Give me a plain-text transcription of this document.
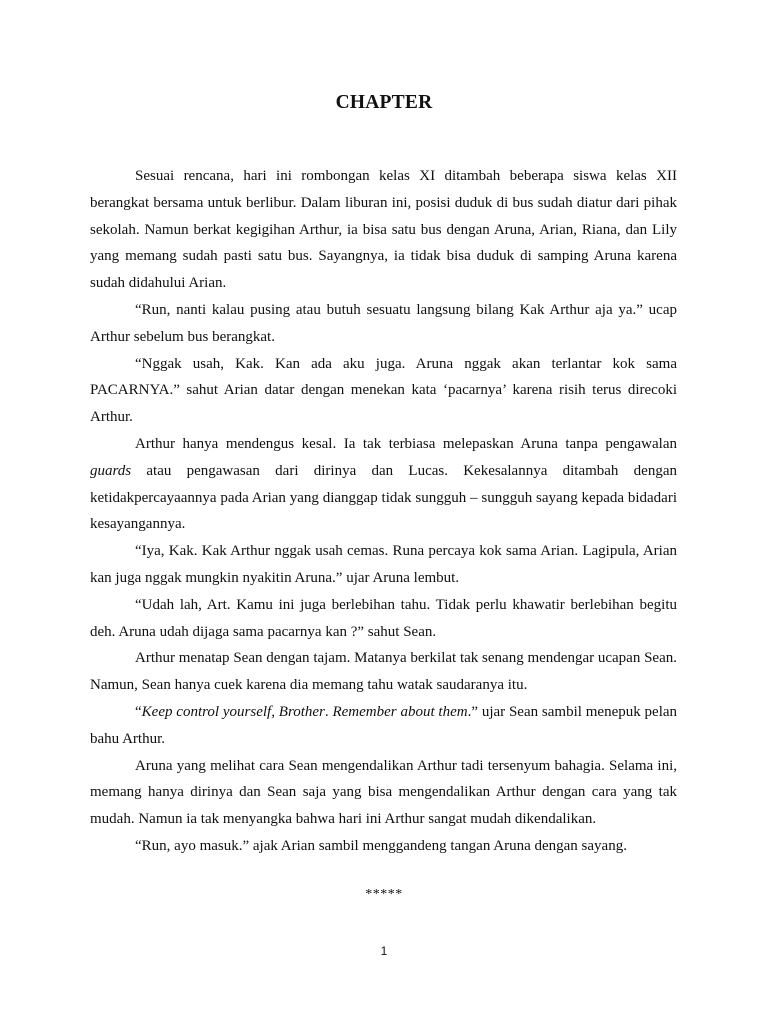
CHAPTER

Sesuai rencana, hari ini rombongan kelas XI ditambah beberapa siswa kelas XII berangkat bersama untuk berlibur. Dalam liburan ini, posisi duduk di bus sudah diatur dari pihak sekolah. Namun berkat kegigihan Arthur, ia bisa satu bus dengan Aruna, Arian, Riana, dan Lily yang memang sudah pasti satu bus. Sayangnya, ia tidak bisa duduk di samping Aruna karena sudah didahului Arian.

“Run, nanti kalau pusing atau butuh sesuatu langsung bilang Kak Arthur aja ya.” ucap Arthur sebelum bus berangkat.

“Nggak usah, Kak. Kan ada aku juga. Aruna nggak akan terlantar kok sama PACARNYA.” sahut Arian datar dengan menekan kata ‘pacarnya’ karena risih terus direcoki Arthur.

Arthur hanya mendengus kesal. Ia tak terbiasa melepaskan Aruna tanpa pengawalan guards atau pengawasan dari dirinya dan Lucas. Kekesalannya ditambah dengan ketidakpercayaannya pada Arian yang dianggap tidak sungguh – sungguh sayang kepada bidadari kesayangannya.

“Iya, Kak. Kak Arthur nggak usah cemas. Runa percaya kok sama Arian. Lagipula, Arian kan juga nggak mungkin nyakitin Aruna.” ujar Aruna lembut.

“Udah lah, Art. Kamu ini juga berlebihan tahu. Tidak perlu khawatir berlebihan begitu deh. Aruna udah dijaga sama pacarnya kan ?” sahut Sean.

Arthur menatap Sean dengan tajam. Matanya berkilat tak senang mendengar ucapan Sean. Namun, Sean hanya cuek karena dia memang tahu watak saudaranya itu.

“Keep control yourself, Brother. Remember about them.” ujar Sean sambil menepuk pelan bahu Arthur.

Aruna yang melihat cara Sean mengendalikan Arthur tadi tersenyum bahagia. Selama ini, memang hanya dirinya dan Sean saja yang bisa mengendalikan Arthur dengan cara yang tak mudah. Namun ia tak menyangka bahwa hari ini Arthur sangat mudah dikendalikan.

“Run, ayo masuk.” ajak Arian sambil menggandeng tangan Aruna dengan sayang.

*****
1
